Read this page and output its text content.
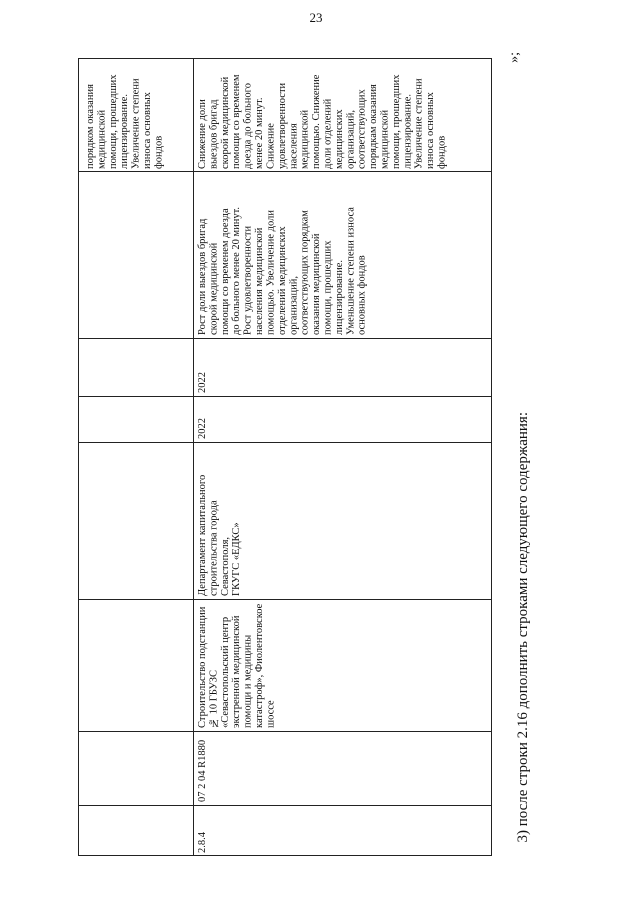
23
»;
порядком оказания
медицинской
помощи, прошедших
лицензирование.
Увеличение степени
износа основных
фондов	Снижение доли
выездов бригад
скорой медицинской
помощи со временем
доезда до больного
менее 20 минут.
Снижение
удовлетворенности
населения
медицинской
помощью. Снижение
доли отделений
медицинских
организаций,
соответствующих
порядкам оказания
медицинской
помощи, прошедших
лицензирование.
Увеличение степени
износа основных
фондов
Рост доли выездов бригад
скорой медицинской
помощи со временем доезда
до больного менее 20 минут.
Рост удовлетворенности
населения медицинской
помощью. Увеличение доли
отделений медицинских
организаций,
соответствующих порядкам
оказания медицинской
помощи, прошедших
лицензирование.
Уменьшение степени износа
основных фондов
2022
2022
Департамент капитального
строительства города
Севастополя,
ГКУГС «ЕДКС»
Строительство подстанции
№ 10 ГБУЗС
«Севастопольский центр
экстренной медицинской
помощи и медицины
катастроф», Фиолентовское
шоссе
07 2 04 R1880
2.8.4	3) после строки 2.16 дополнить строками следующего содержания:
